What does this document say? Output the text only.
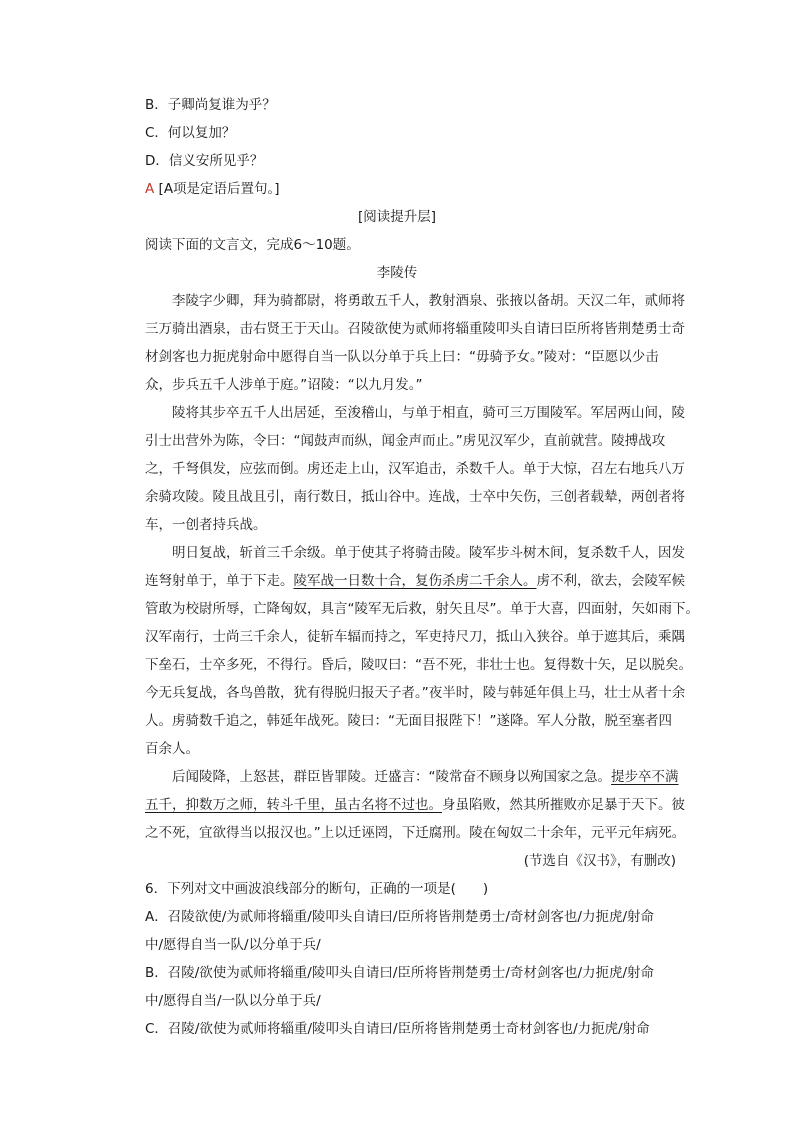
B．子卿尚复谁为乎？
C．何以复加？
D．信义安所见乎？
A [A项是定语后置句。]
[阅读提升层]
阅读下面的文言文，完成6～10题。
李陵传
　　李陵字少卿，拜为骑都尉，将勇敢五千人，教射酒泉、张掖以备胡。天汉二年，贰师将
三万骑出酒泉，击右贤王于天山。召陵欲使为贰师将辎重陵叩头自请曰臣所将皆荆楚勇士奇
材剑客也力扼虎射命中愿得自当一队以分单于兵上曰：“毋骑予女。”陵对：“臣愿以少击
众，步兵五千人涉单于庭。”诏陵：“以九月发。”
　　陵将其步卒五千人出居延，至浚稽山，与单于相直，骑可三万围陵军。军居两山间，陵
引士出营外为陈，令曰：“闻鼓声而纵，闻金声而止。”虏见汉军少，直前就营。陵搏战攻
之，千弩俱发，应弦而倒。虏还走上山，汉军追击，杀数千人。单于大惊，召左右地兵八万
余骑攻陵。陵且战且引，南行数日，抵山谷中。连战，士卒中矢伤，三创者载辇，两创者将
车，一创者持兵战。
　　明日复战，斩首三千余级。单于使其子将骑击陵。陵军步斗树木间，复杀数千人，因发
连弩射单于，单于下走。陵军战一日数十合，复伤杀虏二千余人。虏不利，欲去，会陵军候
管敢为校尉所辱，亡降匈奴，具言“陵军无后救，射矢且尽”。单于大喜，四面射，矢如雨下。
汉军南行，士尚三千余人，徒斩车辐而持之，军吏持尺刀，抵山入狭谷。单于遮其后，乘隅
下垒石，士卒多死，不得行。昏后，陵叹曰：“吾不死，非壮士也。复得数十矢，足以脱矣。
今无兵复战，各鸟兽散，犹有得脱归报天子者。”夜半时，陵与韩延年俱上马，壮士从者十余
人。虏骑数千追之，韩延年战死。陵曰：“无面目报陛下！”遂降。军人分散，脱至塞者四
百余人。
　　后闻陵降，上怒甚，群臣皆罪陵。迁盛言：“陵常奋不顾身以殉国家之急。提步卒不满
五千，抑数万之师，转斗千里，虽古名将不过也。身虽陷败，然其所摧败亦足暴于天下。彼
之不死，宜欲得当以报汉也。”上以迁诬罔，下迁腐刑。陵在匈奴二十余年，元平元年病死。
(节选自《汉书》，有删改)
6．下列对文中画波浪线部分的断句，正确的一项是(　　)
A．召陵欲使/为贰师将辎重/陵叩头自请曰/臣所将皆荆楚勇士/奇材剑客也/力扼虎/射命
中/愿得自当一队/以分单于兵/
B．召陵/欲使为贰师将辎重/陵叩头自请曰/臣所将皆荆楚勇士/奇材剑客也/力扼虎/射命
中/愿得自当/一队以分单于兵/
C．召陵/欲使为贰师将辎重/陵叩头自请曰/臣所将皆荆楚勇士奇材剑客也/力扼虎/射命
